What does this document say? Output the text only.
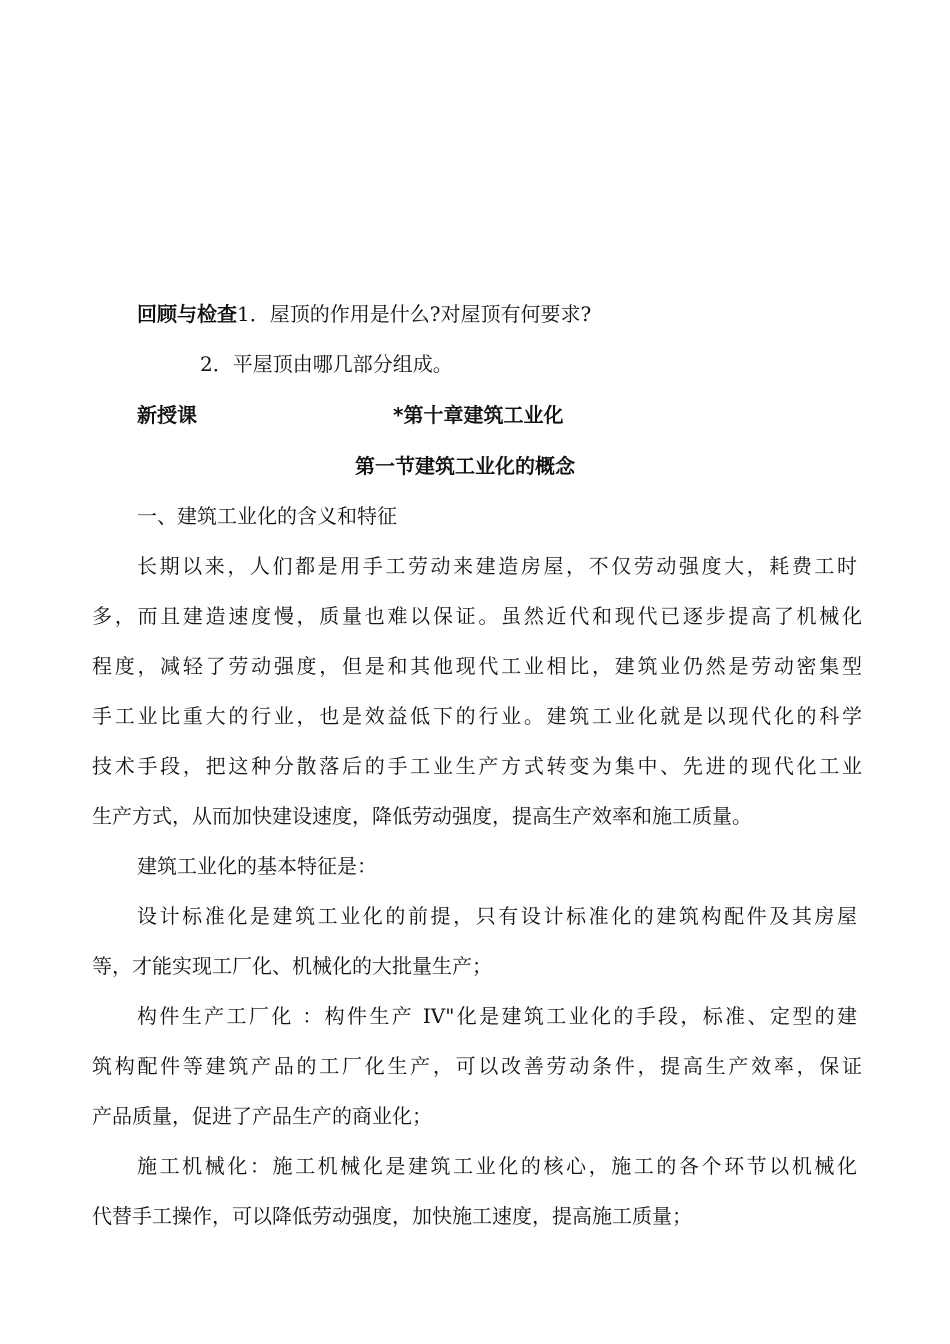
回顾与检查1．屋顶的作用是什么?对屋顶有何要求?
2．平屋顶由哪几部分组成。
新授课	*第十章建筑工业化
第一节建筑工业化的概念
一、建筑工业化的含义和特征
长期以来，人们都是用手工劳动来建造房屋，不仅劳动强度大，耗费工时
多，而且建造速度慢，质量也难以保证。虽然近代和现代已逐步提高了机械化
程度，减轻了劳动强度，但是和其他现代工业相比，建筑业仍然是劳动密集型
手工业比重大的行业，也是效益低下的行业。建筑工业化就是以现代化的科学
技术手段，把这种分散落后的手工业生产方式转变为集中、先进的现代化工业
生产方式，从而加快建设速度，降低劳动强度，提高生产效率和施工质量。
建筑工业化的基本特征是：
设计标准化是建筑工业化的前提，只有设计标准化的建筑构配件及其房屋
等，才能实现工厂化、机械化的大批量生产；
构件生产工厂化 ：构件生产 IV"化是建筑工业化的手段，标准、定型的建
筑构配件等建筑产品的工厂化生产，可以改善劳动条件，提高生产效率，保证
产品质量，促进了产品生产的商业化；
施工机械化：施工机械化是建筑工业化的核心，施工的各个环节以机械化
代替手工操作，可以降低劳动强度，加快施工速度，提高施工质量；
